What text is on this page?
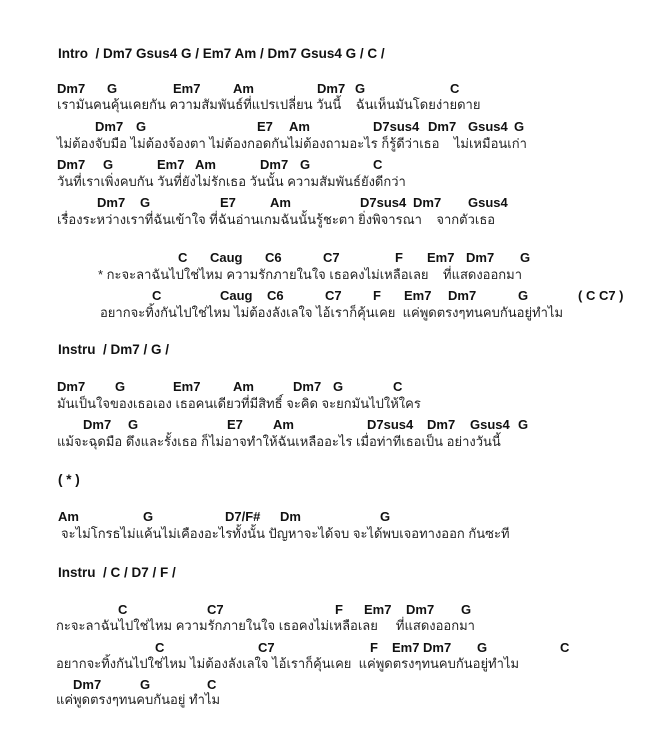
Intro  / Dm7 Gsus4 G / Em7 Am / Dm7 Gsus4 G / C /
Dm7 G	Em7	Am	Dm7 G	C
เรามันคนคุ้นเคยกัน ความสัมพันธ์ที่แปรเปลี่ยน วันนี้    ฉันเห็นมันโดยง่ายดาย
Dm7 G	E7 Am	D7sus4 Dm7 Gsus4 G
ไม่ต้องจับมือ ไม่ต้องจ้องตา ไม่ต้องกอดกันไม่ต้องถามอะไร ก็รู้ดีว่าเธอ    ไม่เหมือนเก่า
Dm7 G	Em7 Am	Dm7 G	C
วันที่เราเพิ่งคบกัน วันที่ยังไม่รักเธอ วันนั้น ความสัมพันธ์ยังดีกว่า
Dm7 G	E7	Am	D7sus4 Dm7 Gsus4
เรื่องระหว่างเราที่ฉันเข้าใจ ที่ฉันอ่านเกมฉันนั้นรู้ชะตา ยิ่งพิจารณา    จากตัวเธอ
C Caug C6	C7	F Em7 Dm7 G
* กะจะลาฉันไปใช่ไหม ความรักภายในใจ เธอคงไม่เหลือเลย    ที่แสดงออกมา
C	Caug C6	C7 F Em7 Dm7	G	( C C7 )
อยากจะทิ้งกันไปใช่ไหม ไม่ต้องลังเลใจ ไอ้เราก็คุ้นเคย  แค่พูดตรงๆทนคบกันอยู่ทำไม
Instru  / Dm7 / G /
Dm7 G	Em7	Am	Dm7 G	C
มันเป็นใจของเธอเอง เธอคนเดียวที่มีสิทธิ์ จะคิด จะยกมันไปให้ใคร
Dm7 G	E7 Am	D7sus4 Dm7 Gsus4 G
แม้จะฉุดมือ ดึงและรั้งเธอ ก็ไม่อาจทำให้ฉันเหลืออะไร เมื่อท่าทีเธอเป็น อย่างวันนี้
( * )
Am	G	D7/F# Dm	G
จะไม่โกรธไม่แค้นไม่เคืองอะไรทั้งนั้น ปัญหาจะได้จบ จะได้พบเจอทางออก กันซะที
Instru  / C / D7 / F /
C	C7	F Em7 Dm7 G
กะจะลาฉันไปใช่ไหม ความรักภายในใจ เธอคงไม่เหลือเลย     ที่แสดงออกมา
C	C7	F Em7 Dm7 G	C
อยากจะทิ้งกันไปใช่ไหม ไม่ต้องลังเลใจ ไอ้เราก็คุ้นเคย  แค่พูดตรงๆทนคบกันอยู่ทำไม
Dm7	G	C
แค่พูดตรงๆทนคบกันอยู่ ทำไม
